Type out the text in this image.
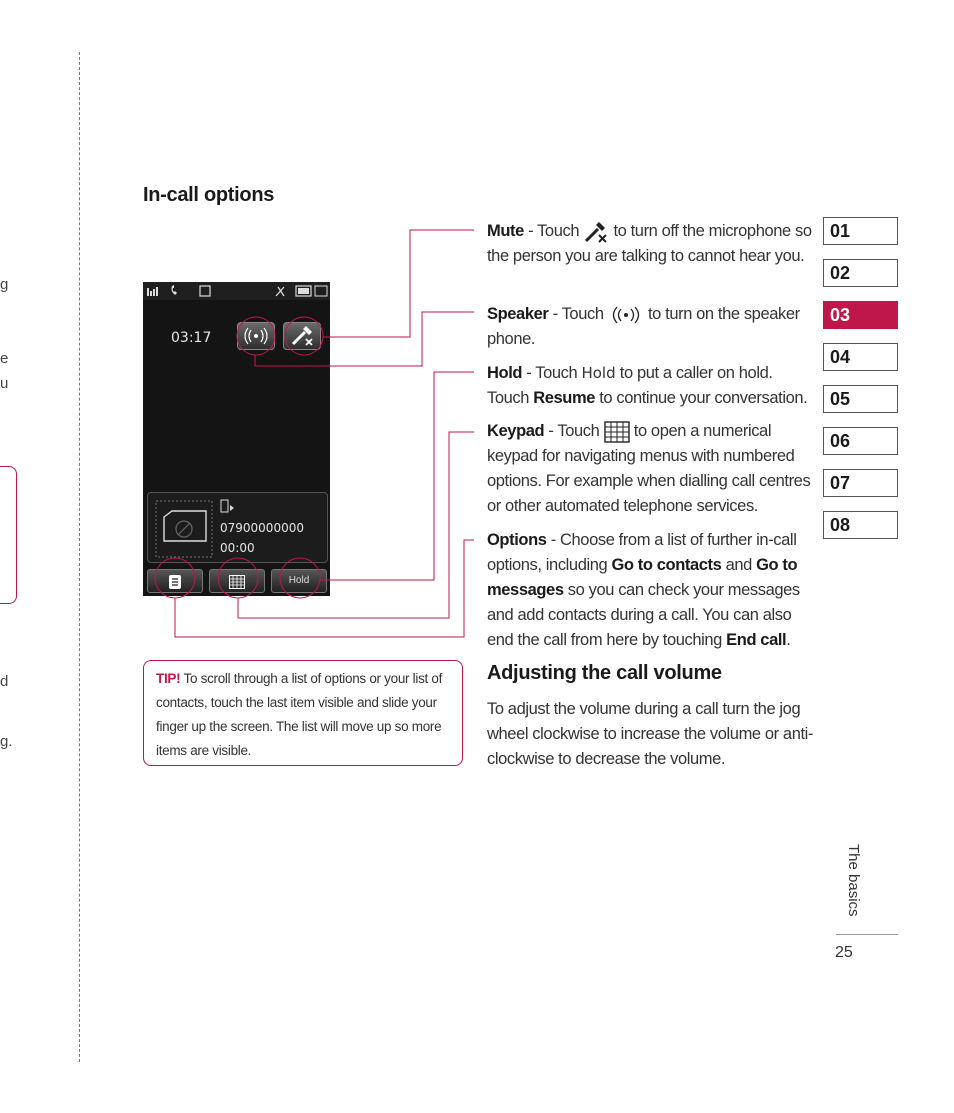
g
e
u
d
g.
In-call options
03:17
07900000000
00:00
Hold
Mute - Touch  to turn off the microphone so the person you are talking to cannot hear you.
Speaker - Touch  to turn on the speaker phone.
Hold - Touch Hold to put a caller on hold. Touch Resume to continue your conversation.
Keypad - Touch  to open a numerical keypad for navigating menus with numbered options. For example when dialling call centres or other automated telephone services.
Options - Choose from a list of further in-call options, including Go to contacts and Go to messages so you can check your messages and add contacts during a call. You can also end the call from here by touching End call.
TIP! To scroll through a list of options or your list of contacts, touch the last item visible and slide your finger up the screen. The list will move up so more items are visible.
Adjusting the call volume
To adjust the volume during a call turn the jog wheel clockwise to increase the volume or anti-clockwise to decrease the volume.
01
02
03
04
05
06
07
08
The basics
25
